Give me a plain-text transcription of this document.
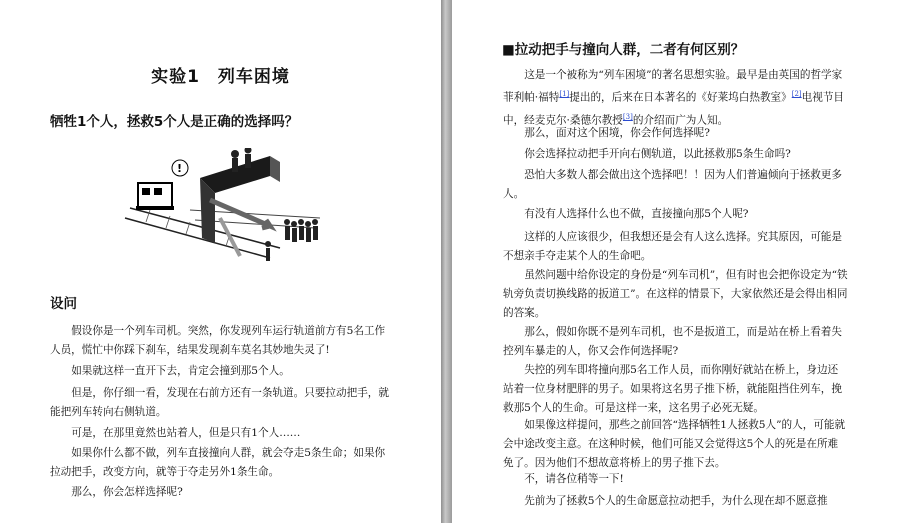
实验1　列车困境
牺牲1个人，拯救5个人是正确的选择吗？
!
设问

假设你是一个列车司机。突然，你发现列车运行轨道前方有5名工作人员，慌忙中你踩下刹车，结果发现刹车莫名其妙地失灵了!

如果就这样一直开下去，肯定会撞到那5个人。

但是，你仔细一看，发现在右前方还有一条轨道。只要拉动把手，就能把列车转向右侧轨道。

可是，在那里竟然也站着人，但是只有1个人……

如果你什么都不做，列车直接撞向人群，就会夺走5条生命；如果你拉动把手，改变方向，就等于夺走另外1条生命。

那么，你会怎样选择呢?

■拉动把手与撞向人群，二者有何区别？

这是一个被称为“列车困境”的著名思想实验。最早是由英国的哲学家菲利帕·福特[1]提出的，后来在日本著名的《好莱坞白热教室》[2]电视节目中，经麦克尔·桑德尔教授[3]的介绍而广为人知。

那么，面对这个困境，你会作何选择呢?

你会选择拉动把手开向右侧轨道，以此拯救那5条生命吗?

恐怕大多数人都会做出这个选择吧！！因为人们普遍倾向于拯救更多人。

有没有人选择什么也不做，直接撞向那5个人呢?

这样的人应该很少，但我想还是会有人这么选择。究其原因，可能是不想亲手夺走某个人的生命吧。

虽然问题中给你设定的身份是“列车司机”，但有时也会把你设定为“铁轨旁负责切换线路的扳道工”。在这样的情景下，大家依然还是会得出相同的答案。

那么，假如你既不是列车司机，也不是扳道工，而是站在桥上看着失控列车暴走的人，你又会作何选择呢?

失控的列车即将撞向那5名工作人员，而你刚好就站在桥上，身边还站着一位身材肥胖的男子。如果将这名男子推下桥，就能阻挡住列车，挽救那5个人的生命。可是这样一来，这名男子必死无疑。

如果像这样提问，那些之前回答“选择牺牲1人拯救5人”的人，可能就会中途改变主意。在这种时候，他们可能又会觉得这5个人的死是在所难免了。因为他们不想故意将桥上的男子推下去。

不，请各位稍等一下!

先前为了拯救5个人的生命愿意拉动把手，为什么现在却不愿意推
